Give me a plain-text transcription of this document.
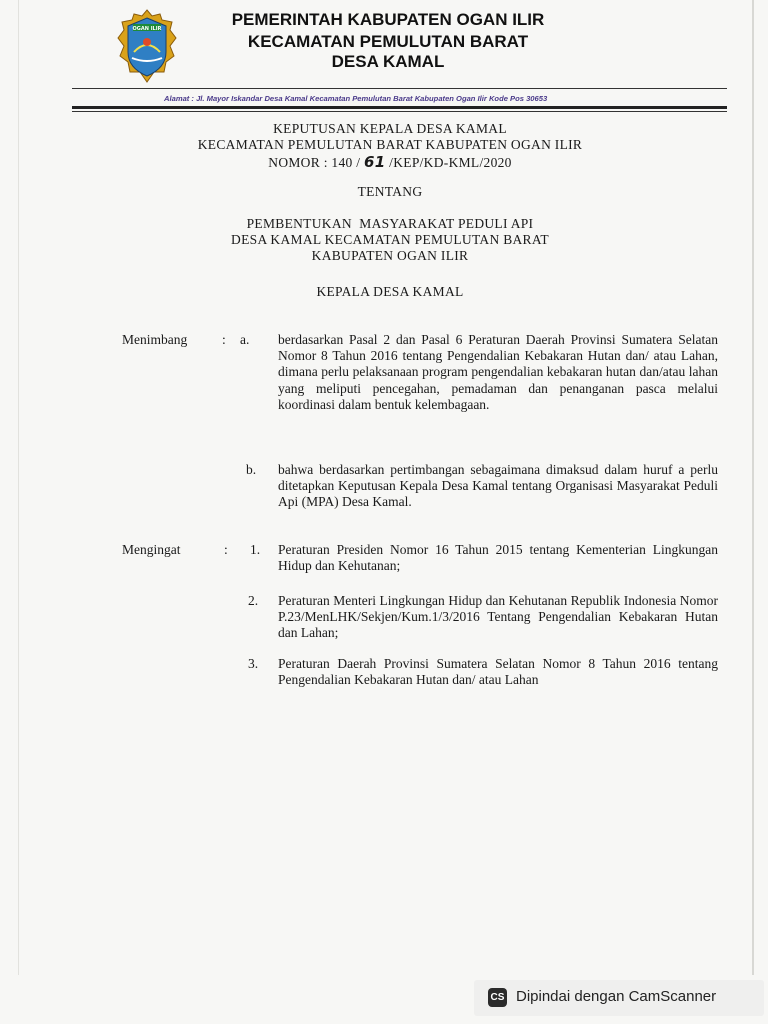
OGAN ILIR	PEMERINTAH KABUPATEN OGAN ILIR
KECAMATAN PEMULUTAN BARAT
DESA KAMAL
Alamat : Jl. Mayor Iskandar Desa Kamal Kecamatan Pemulutan Barat Kabupaten Ogan Ilir Kode Pos 30653
KEPUTUSAN KEPALA DESA KAMAL
KECAMATAN PEMULUTAN BARAT KABUPATEN OGAN ILIR
NOMOR : 140 / 61 /KEP/KD-KML/2020
TENTANG
PEMBENTUKAN  MASYARAKAT PEDULI API
DESA KAMAL KECAMATAN PEMULUTAN BARAT
KABUPATEN OGAN ILIR
KEPALA DESA KAMAL
Menimbang	: a. berdasarkan Pasal 2 dan Pasal 6 Peraturan Daerah Provinsi Sumatera Selatan Nomor 8 Tahun 2016 tentang Pengendalian Kebakaran Hutan dan/ atau Lahan, dimana perlu pelaksanaan program pengendalian kebakaran hutan dan/atau lahan yang meliputi pencegahan, pemadaman dan penanganan pasca melalui koordinasi dalam bentuk kelembagaan.
b. bahwa berdasarkan pertimbangan sebagaimana dimaksud dalam huruf a perlu ditetapkan Keputusan Kepala Desa Kamal tentang Organisasi Masyarakat Peduli Api (MPA) Desa Kamal.
Mengingat	: 1. Peraturan Presiden Nomor 16 Tahun 2015 tentang Kementerian Lingkungan Hidup dan Kehutanan;
2. Peraturan Menteri Lingkungan Hidup dan Kehutanan Republik Indonesia Nomor P.23/MenLHK/Sekjen/Kum.1/3/2016 Tentang Pengendalian Kebakaran Hutan dan Lahan;
3. Peraturan Daerah Provinsi Sumatera Selatan Nomor 8 Tahun 2016 tentang Pengendalian Kebakaran Hutan dan/ atau Lahan
CS Dipindai dengan CamScanner
